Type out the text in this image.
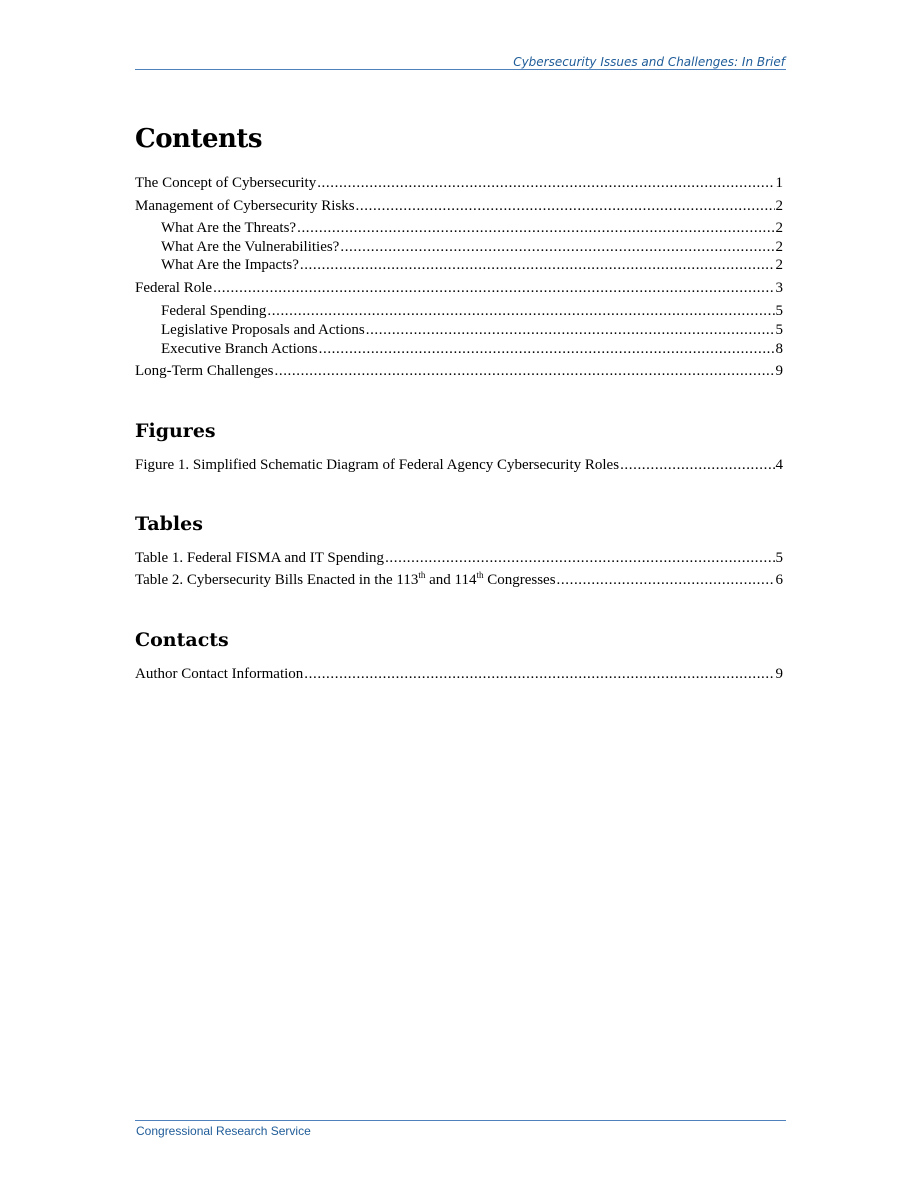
Cybersecurity Issues and Challenges: In Brief
Contents
The Concept of Cybersecurity .....	1
Management of Cybersecurity Risks .....	2
What Are the Threats? .....	2
What Are the Vulnerabilities? .....	2
What Are the Impacts? .....	2
Federal Role .....	3
Federal Spending .....	5
Legislative Proposals and Actions .....	5
Executive Branch Actions .....	8
Long-Term Challenges .....	9
Figures
Figure 1. Simplified Schematic Diagram of Federal Agency Cybersecurity Roles .....	4
Tables
Table 1. Federal FISMA and IT Spending .....	5
Table 2. Cybersecurity Bills Enacted in the 113th and 114th Congresses .....	6
Contacts
Author Contact Information .....	9
Congressional Research Service
